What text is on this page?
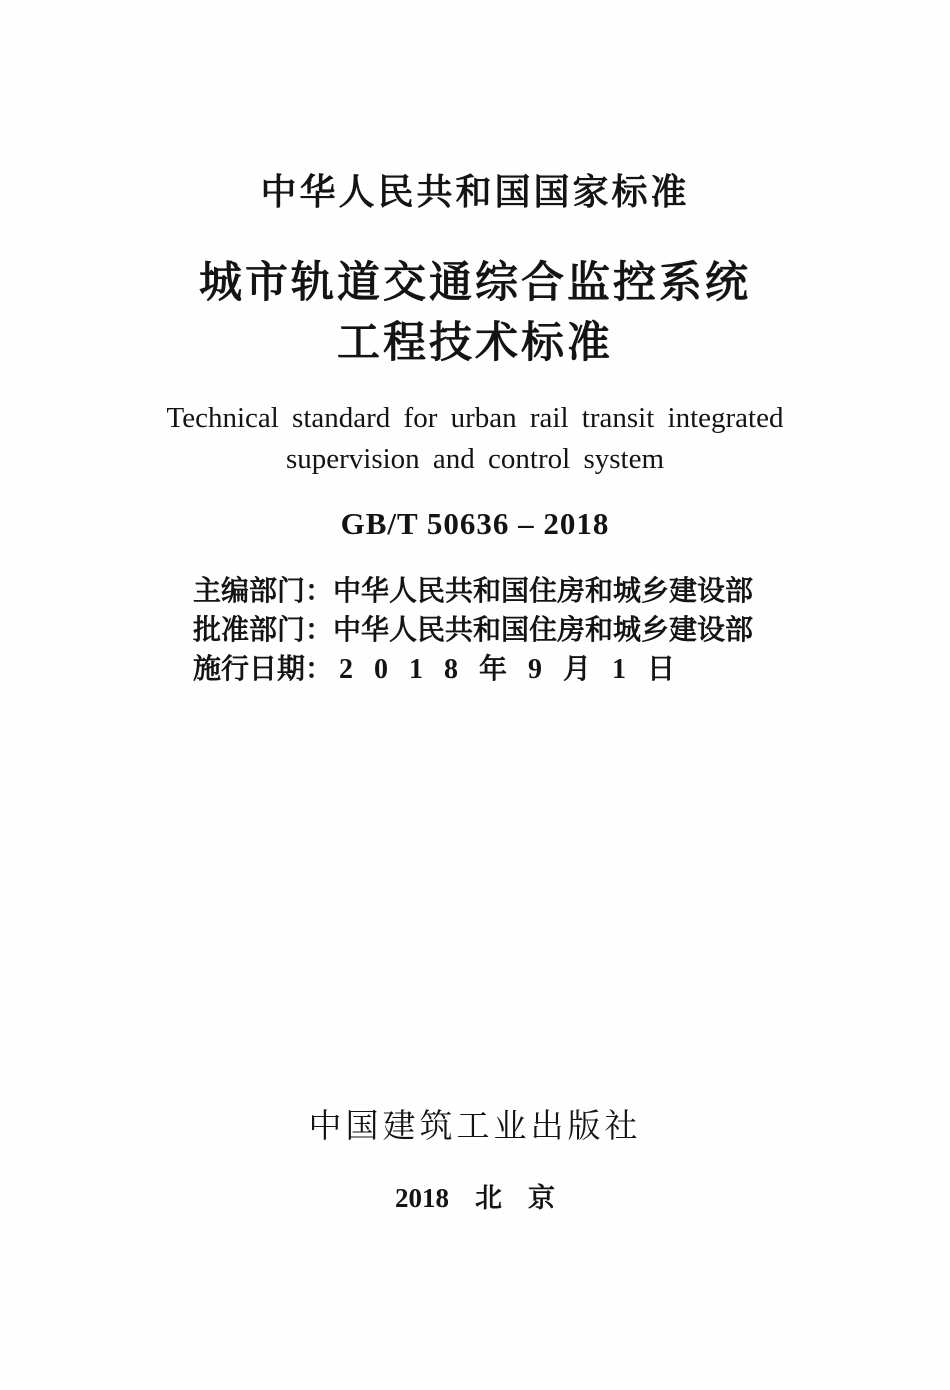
中华人民共和国国家标准
城市轨道交通综合监控系统
工程技术标准
Technical standard for urban rail transit integrated
supervision and control system
GB/T 50636 – 2018
主编部门：中华人民共和国住房和城乡建设部
批准部门：中华人民共和国住房和城乡建设部
施行日期： 2018年9月1日
中国建筑工业出版社
2018 北京
